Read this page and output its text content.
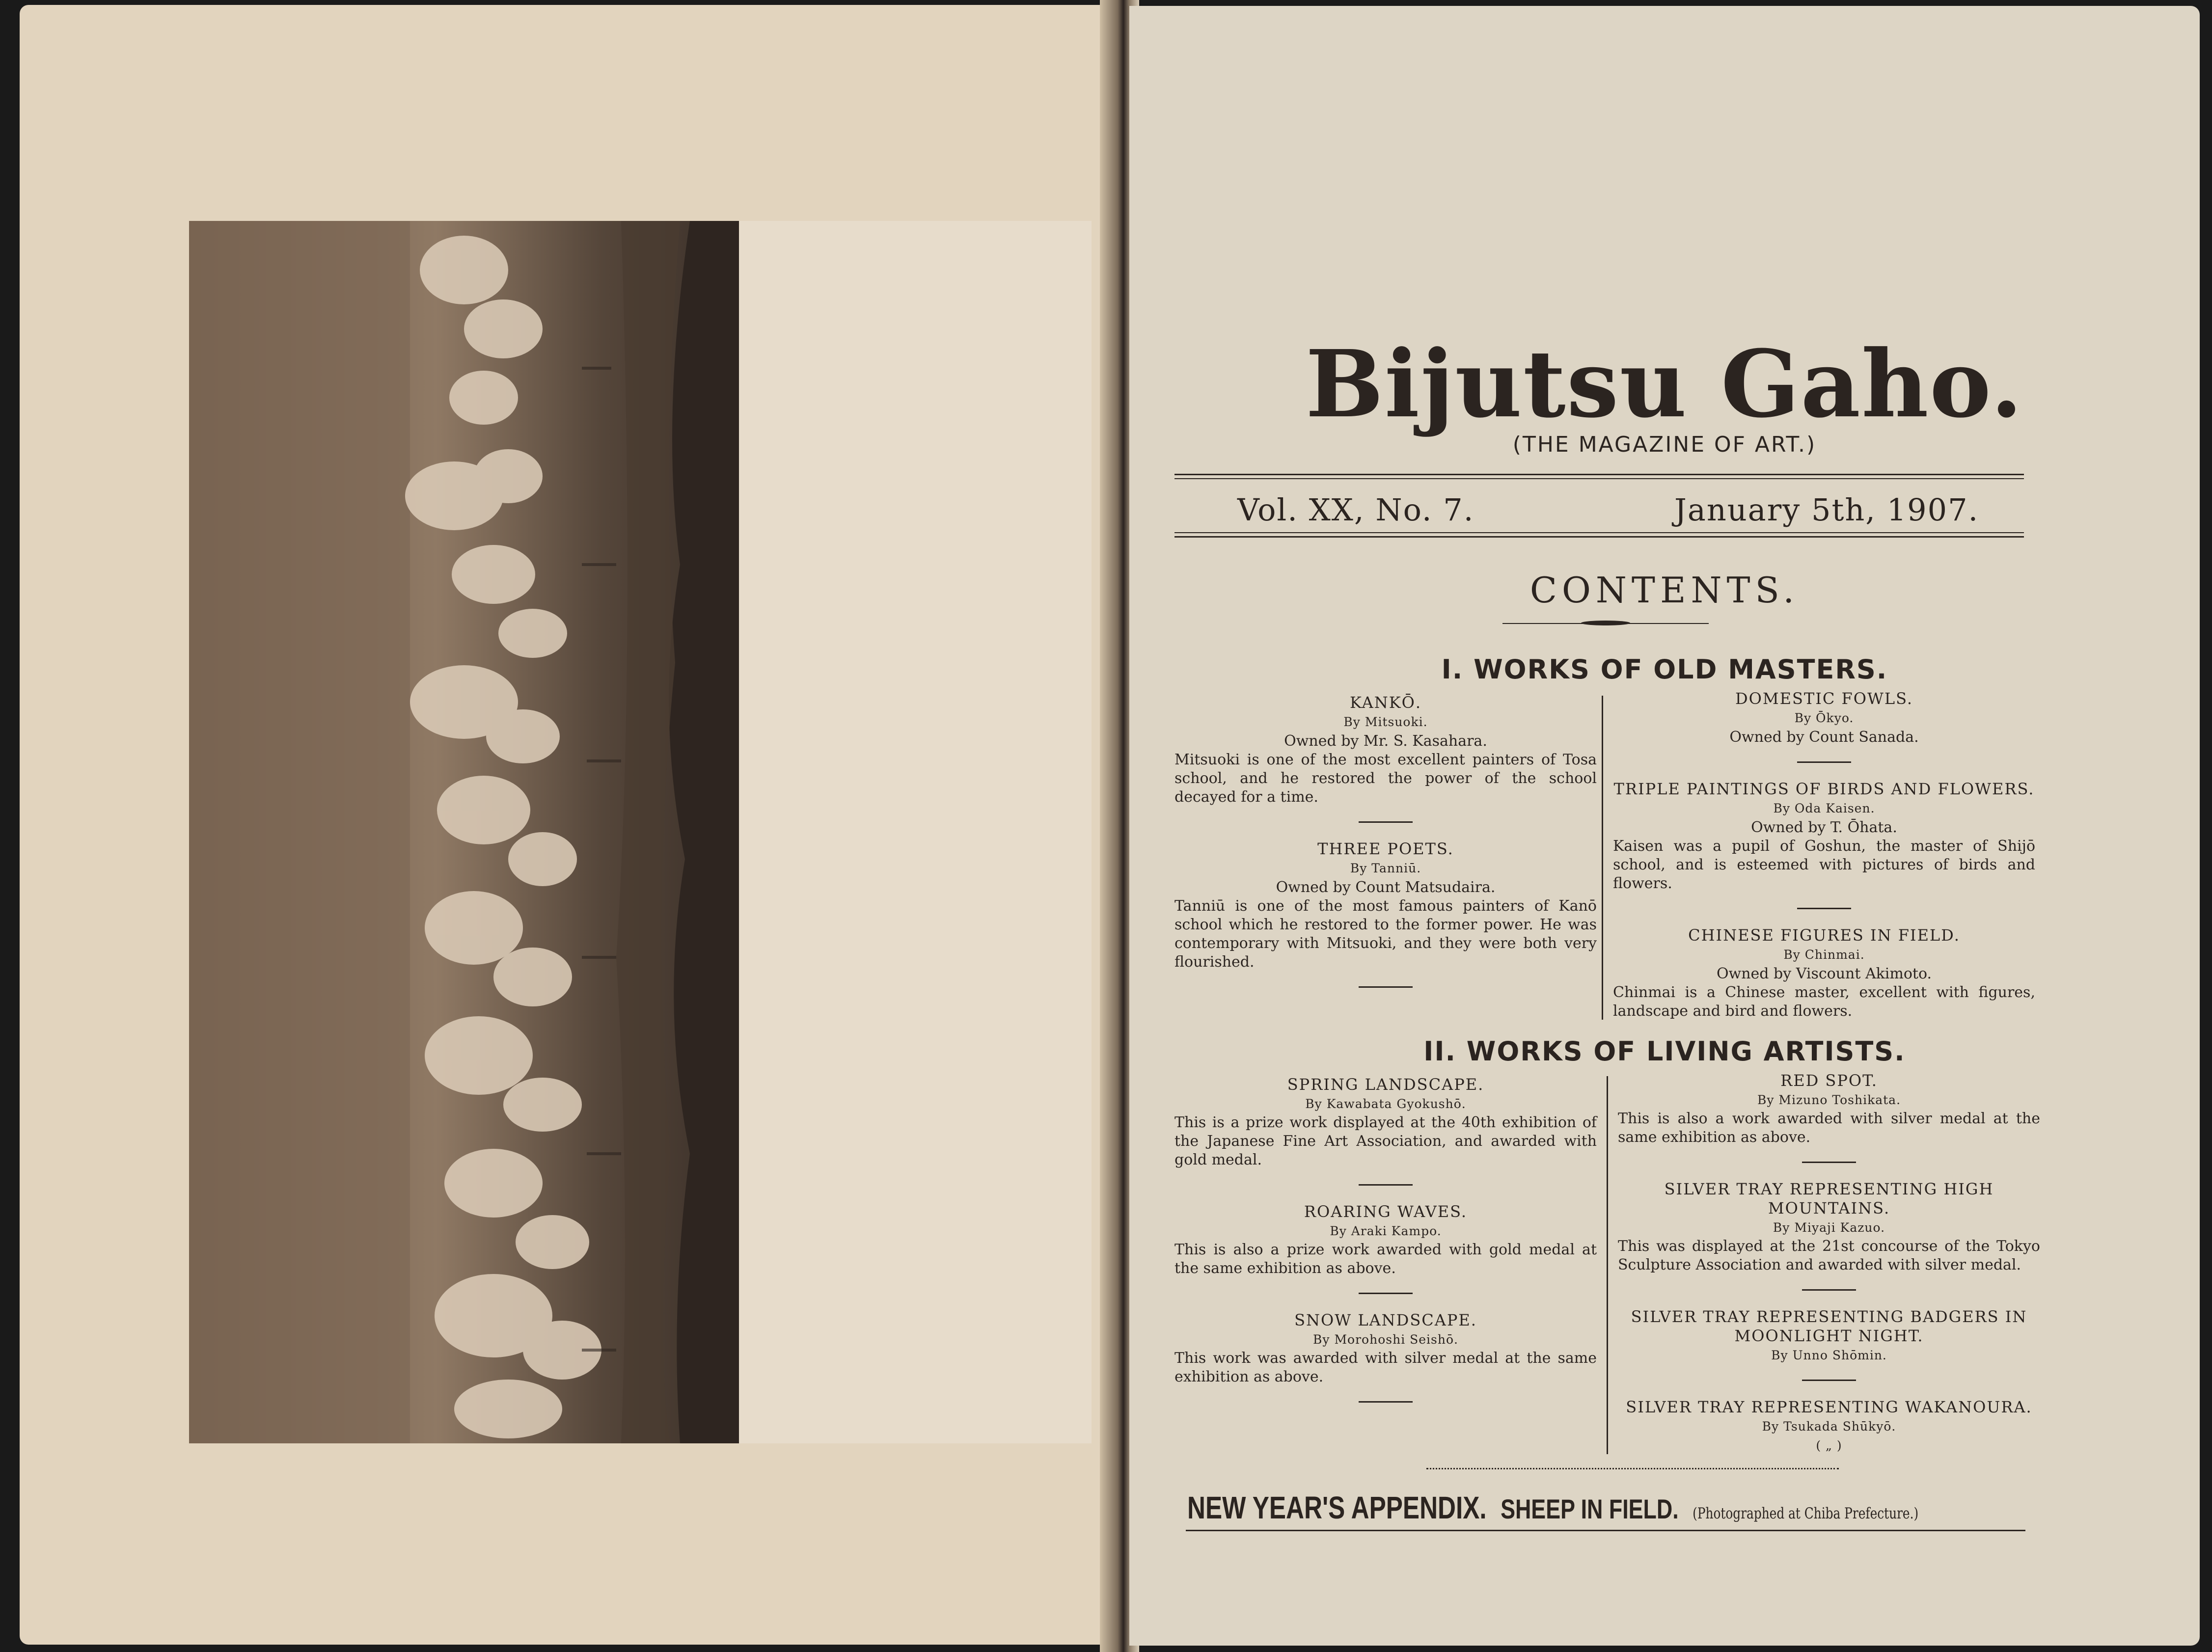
Bijutsu Gaho.
(THE MAGAZINE OF ART.)
Vol. XX, No. 7.	January 5th, 1907.
CONTENTS.
I. WORKS OF OLD MASTERS.
KANKŌ.
By Mitsuoki.
Owned by Mr. S. Kasahara.
Mitsuoki is one of the most excellent painters of Tosa school, and he restored the power of the school decayed for a time.
THREE POETS.
By Tanniū.
Owned by Count Matsudaira.
Tanniū is one of the most famous painters of Kanō school which he restored to the former power. He was contemporary with Mitsuoki, and they were both very flourished.
DOMESTIC FOWLS.
By Ōkyo.
Owned by Count Sanada.
TRIPLE PAINTINGS OF BIRDS AND FLOWERS.
By Oda Kaisen.
Owned by T. Ōhata.
Kaisen was a pupil of Goshun, the master of Shijō school, and is esteemed with pictures of birds and flowers.
CHINESE FIGURES IN FIELD.
By Chinmai.
Owned by Viscount Akimoto.
Chinmai is a Chinese master, excellent with figures, landscape and bird and flowers.
II. WORKS OF LIVING ARTISTS.
SPRING LANDSCAPE.
By Kawabata Gyokushō.
This is a prize work displayed at the 40th exhibition of the Japanese Fine Art Association, and awarded with gold medal.
ROARING WAVES.
By Araki Kampo.
This is also a prize work awarded with gold medal at the same exhibition as above.
SNOW LANDSCAPE.
By Morohoshi Seishō.
This work was awarded with silver medal at the same exhibition as above.
RED SPOT.
By Mizuno Toshikata.
This is also a work awarded with silver medal at the same exhibition as above.
SILVER TRAY REPRESENTING HIGH MOUNTAINS.
By Miyaji Kazuo.
This was displayed at the 21st concourse of the Tokyo Sculpture Association and awarded with silver medal.
SILVER TRAY REPRESENTING BADGERS IN MOONLIGHT NIGHT.
By Unno Shōmin.
SILVER TRAY REPRESENTING WAKANOURA.
By Tsukada Shūkyō.
( „ )
NEW YEAR'S APPENDIX. SHEEP IN FIELD. (Photographed at Chiba Prefecture.)
